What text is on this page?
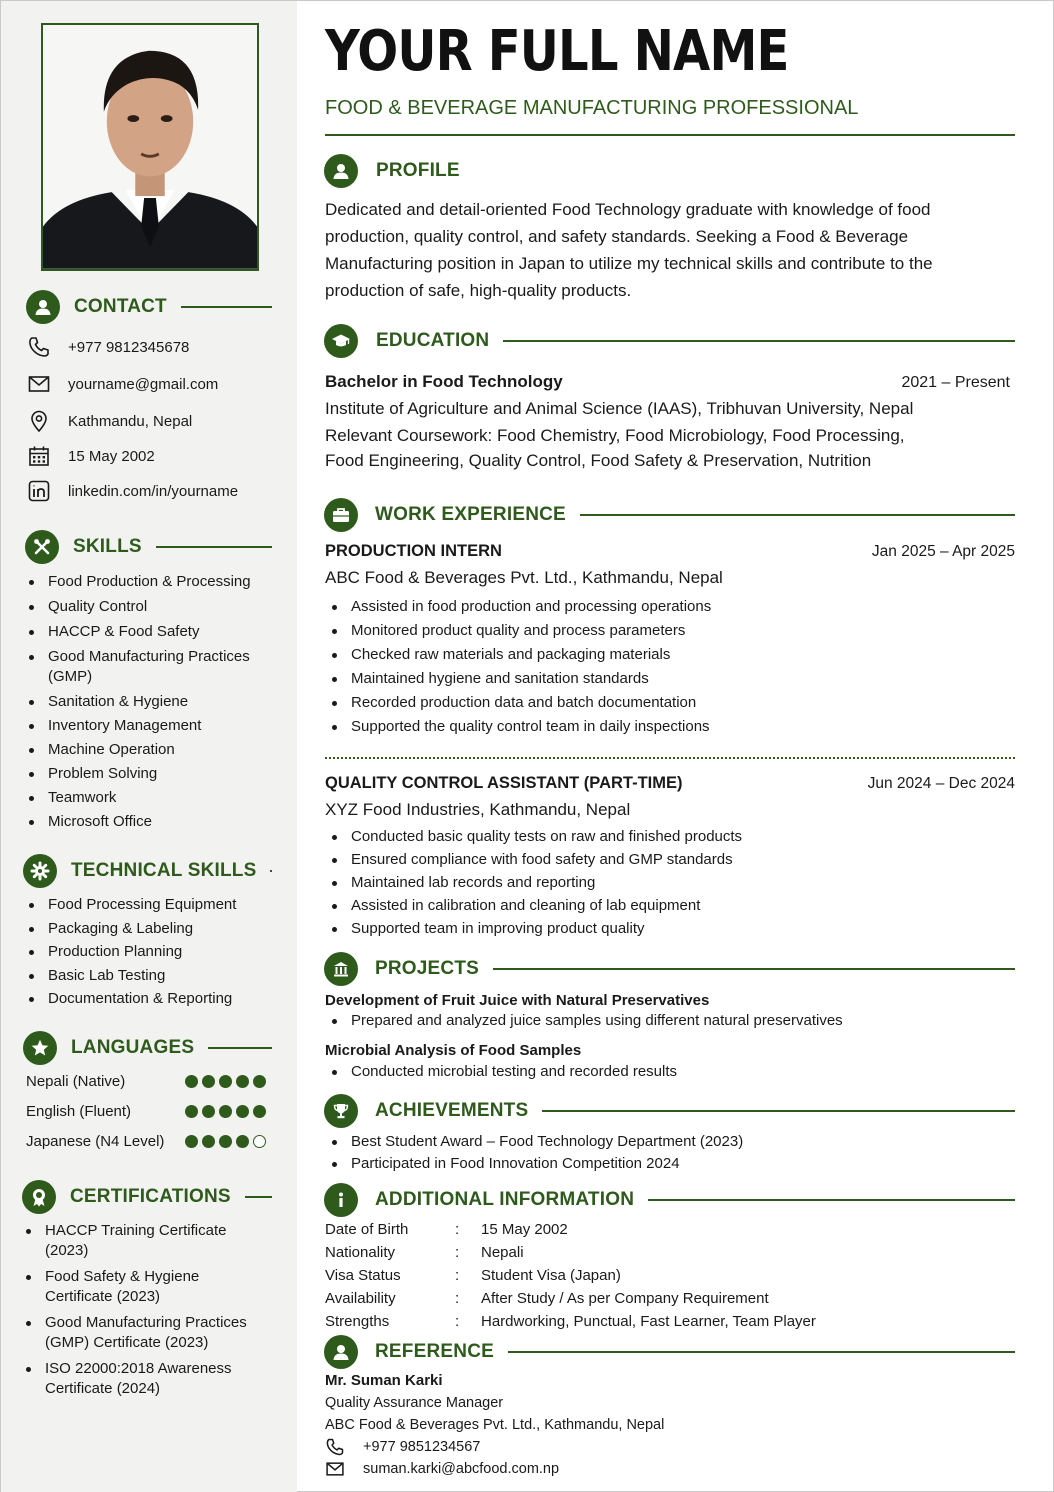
CONTACT
+977 9812345678
yourname@gmail.com
Kathmandu, Nepal
15 May 2002
linkedin.com/in/yourname
SKILLS
Food Production & Processing
Quality Control
HACCP & Food Safety
Good Manufacturing Practices (GMP)
Sanitation & Hygiene
Inventory Management
Machine Operation
Problem Solving
Teamwork
Microsoft Office
TECHNICAL SKILLS
Food Processing Equipment
Packaging & Labeling
Production Planning
Basic Lab Testing
Documentation & Reporting
LANGUAGES
Nepali (Native)
English (Fluent)
Japanese (N4 Level)
CERTIFICATIONS
HACCP Training Certificate (2023)
Food Safety & Hygiene Certificate (2023)
Good Manufacturing Practices (GMP) Certificate (2023)
ISO 22000:2018 Awareness Certificate (2024)
YOUR FULL NAME
FOOD & BEVERAGE MANUFACTURING PROFESSIONAL
PROFILE
Dedicated and detail-oriented Food Technology graduate with knowledge of food production, quality control, and safety standards. Seeking a Food & Beverage Manufacturing position in Japan to utilize my technical skills and contribute to the production of safe, high-quality products.
EDUCATION
Bachelor in Food Technology	2021 – Present
Institute of Agriculture and Animal Science (IAAS), Tribhuvan University, Nepal
Relevant Coursework: Food Chemistry, Food Microbiology, Food Processing,
Food Engineering, Quality Control, Food Safety & Preservation, Nutrition
WORK EXPERIENCE
PRODUCTION INTERN	Jan 2025 – Apr 2025
ABC Food & Beverages Pvt. Ltd., Kathmandu, Nepal
Assisted in food production and processing operations
Monitored product quality and process parameters
Checked raw materials and packaging materials
Maintained hygiene and sanitation standards
Recorded production data and batch documentation
Supported the quality control team in daily inspections
QUALITY CONTROL ASSISTANT (PART-TIME)	Jun 2024 – Dec 2024
XYZ Food Industries, Kathmandu, Nepal
Conducted basic quality tests on raw and finished products
Ensured compliance with food safety and GMP standards
Maintained lab records and reporting
Assisted in calibration and cleaning of lab equipment
Supported team in improving product quality
PROJECTS
Development of Fruit Juice with Natural Preservatives
Prepared and analyzed juice samples using different natural preservatives
Microbial Analysis of Food Samples
Conducted microbial testing and recorded results
ACHIEVEMENTS
Best Student Award – Food Technology Department (2023)
Participated in Food Innovation Competition 2024
ADDITIONAL INFORMATION
Date of Birth	:	15 May 2002
Nationality	:	Nepali
Visa Status	:	Student Visa (Japan)
Availability	:	After Study / As per Company Requirement
Strengths	:	Hardworking, Punctual, Fast Learner, Team Player
REFERENCE
Mr. Suman Karki
Quality Assurance Manager
ABC Food & Beverages Pvt. Ltd., Kathmandu, Nepal
+977 9851234567
suman.karki@abcfood.com.np
